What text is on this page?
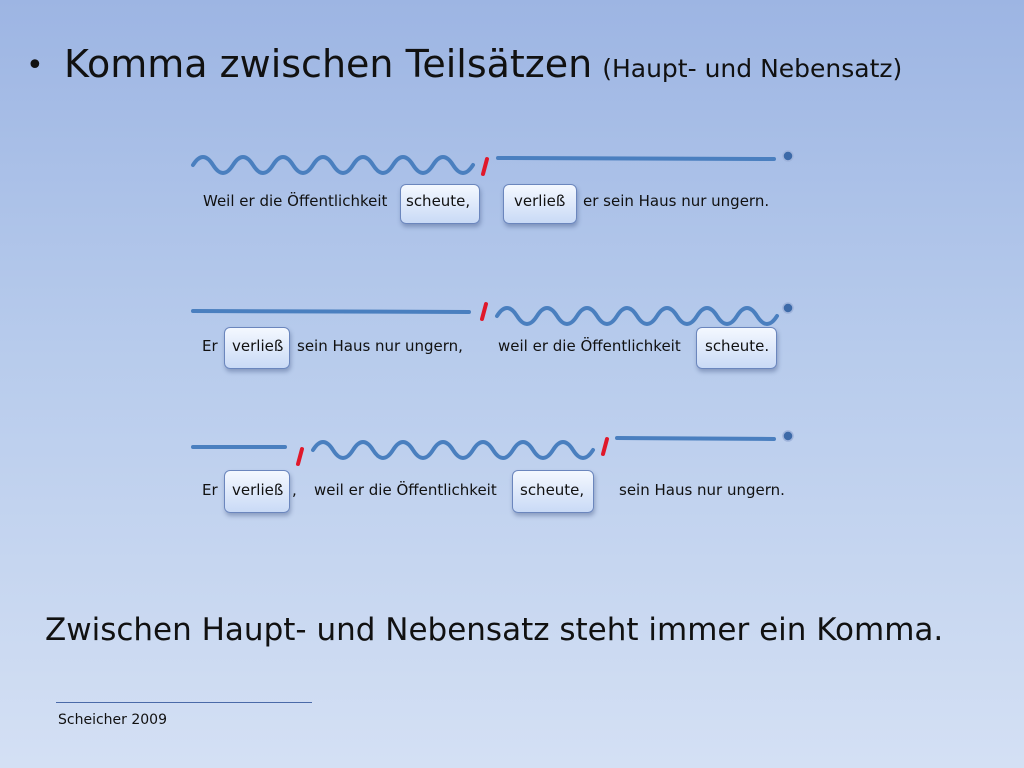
• Komma zwischen Teilsätzen (Haupt- und Nebensatz)
Weil er die Öffentlichkeit scheute,	verließ er sein Haus nur ungern.
Er verließ sein Haus nur ungern, weil er die Öffentlichkeit scheute.
Er verließ , weil er die Öffentlichkeit scheute, sein Haus nur ungern.
Zwischen Haupt- und Nebensatz steht immer ein Komma.
Scheicher 2009
